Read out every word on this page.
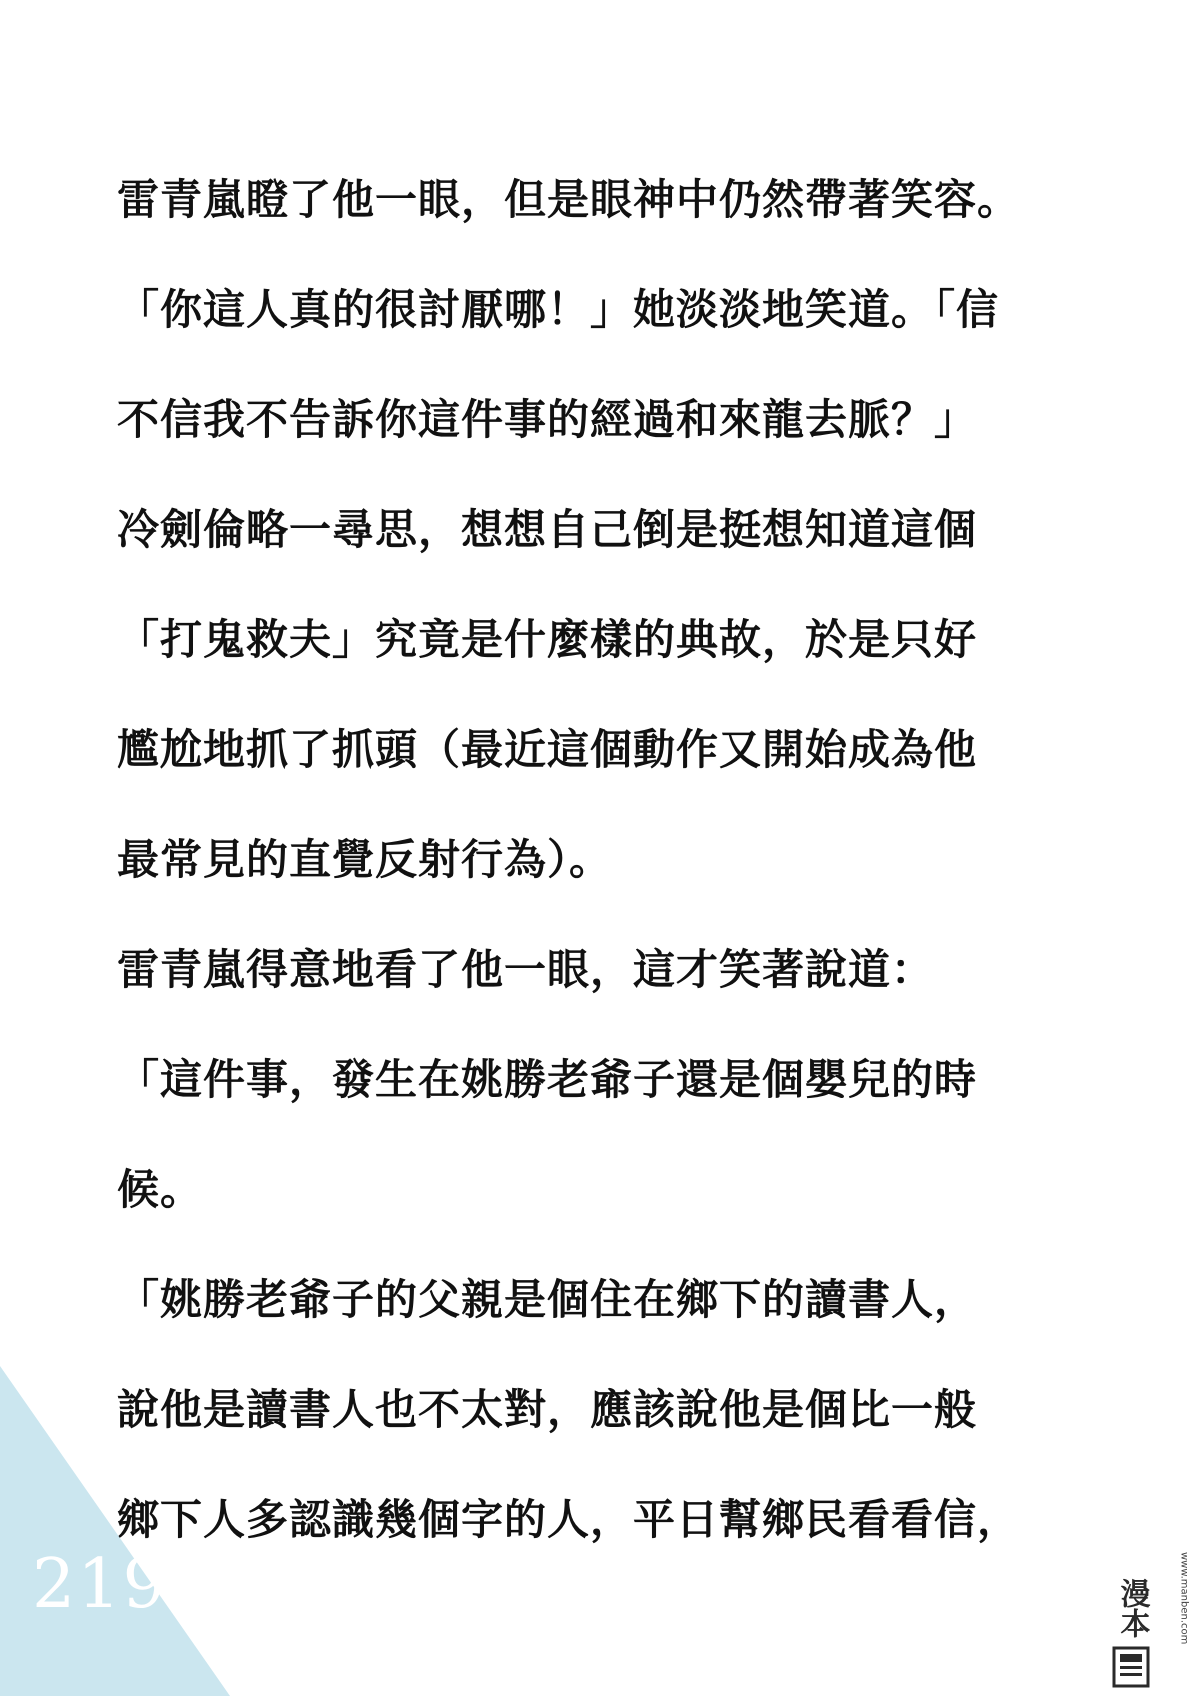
雷青嵐瞪了他一眼，但是眼神中仍然帶著笑容。
「你這人真的很討厭哪！」她淡淡地笑道。「信
不信我不告訴你這件事的經過和來龍去脈？」
冷劍倫略一尋思，想想自己倒是挺想知道這個
「打鬼救夫」究竟是什麼樣的典故，於是只好
尷尬地抓了抓頭（最近這個動作又開始成為他
最常見的直覺反射行為）。
雷青嵐得意地看了他一眼，這才笑著說道：
「這件事，發生在姚勝老爺子還是個嬰兒的時
候。
「姚勝老爺子的父親是個住在鄉下的讀書人，
說他是讀書人也不太對，應該說他是個比一般
鄉下人多認識幾個字的人，平日幫鄉民看看信，
219	漫本	www.manben.com
